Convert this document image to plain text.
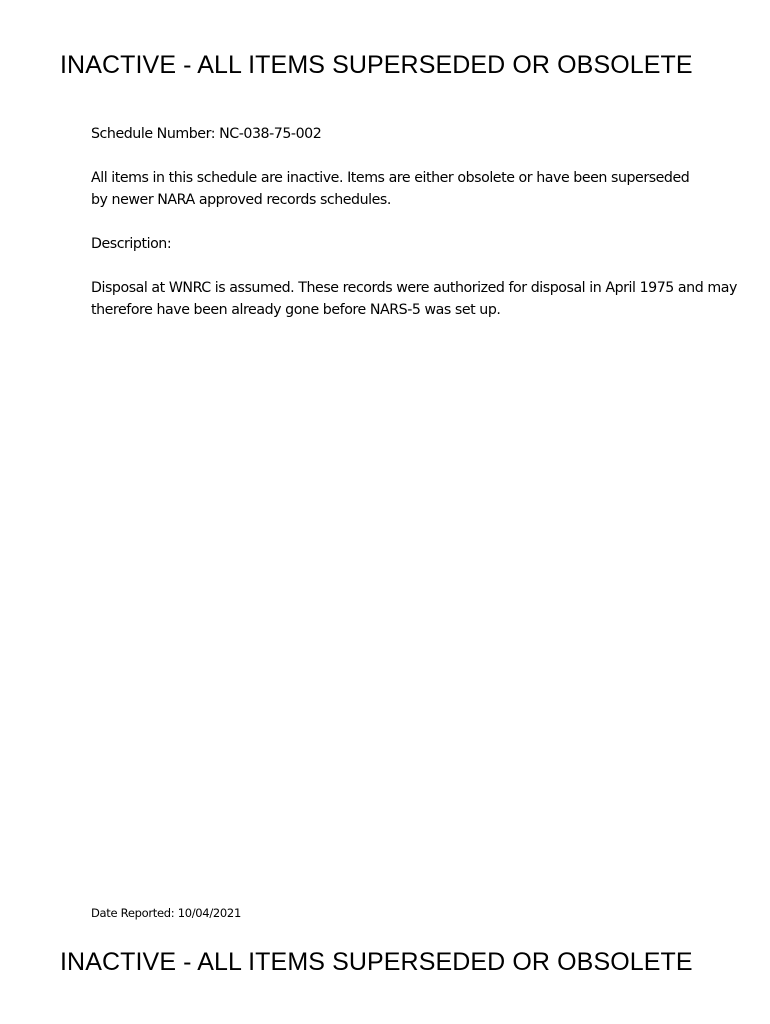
INACTIVE - ALL ITEMS SUPERSEDED OR OBSOLETE
Schedule Number: NC-038-75-002
All items in this schedule are inactive. Items are either obsolete or have been superseded by newer NARA approved records schedules.
Description:
Disposal at WNRC is assumed. These records were authorized for disposal in April 1975 and may therefore have been already gone before NARS-5 was set up.
Date Reported: 10/04/2021
INACTIVE - ALL ITEMS SUPERSEDED OR OBSOLETE
